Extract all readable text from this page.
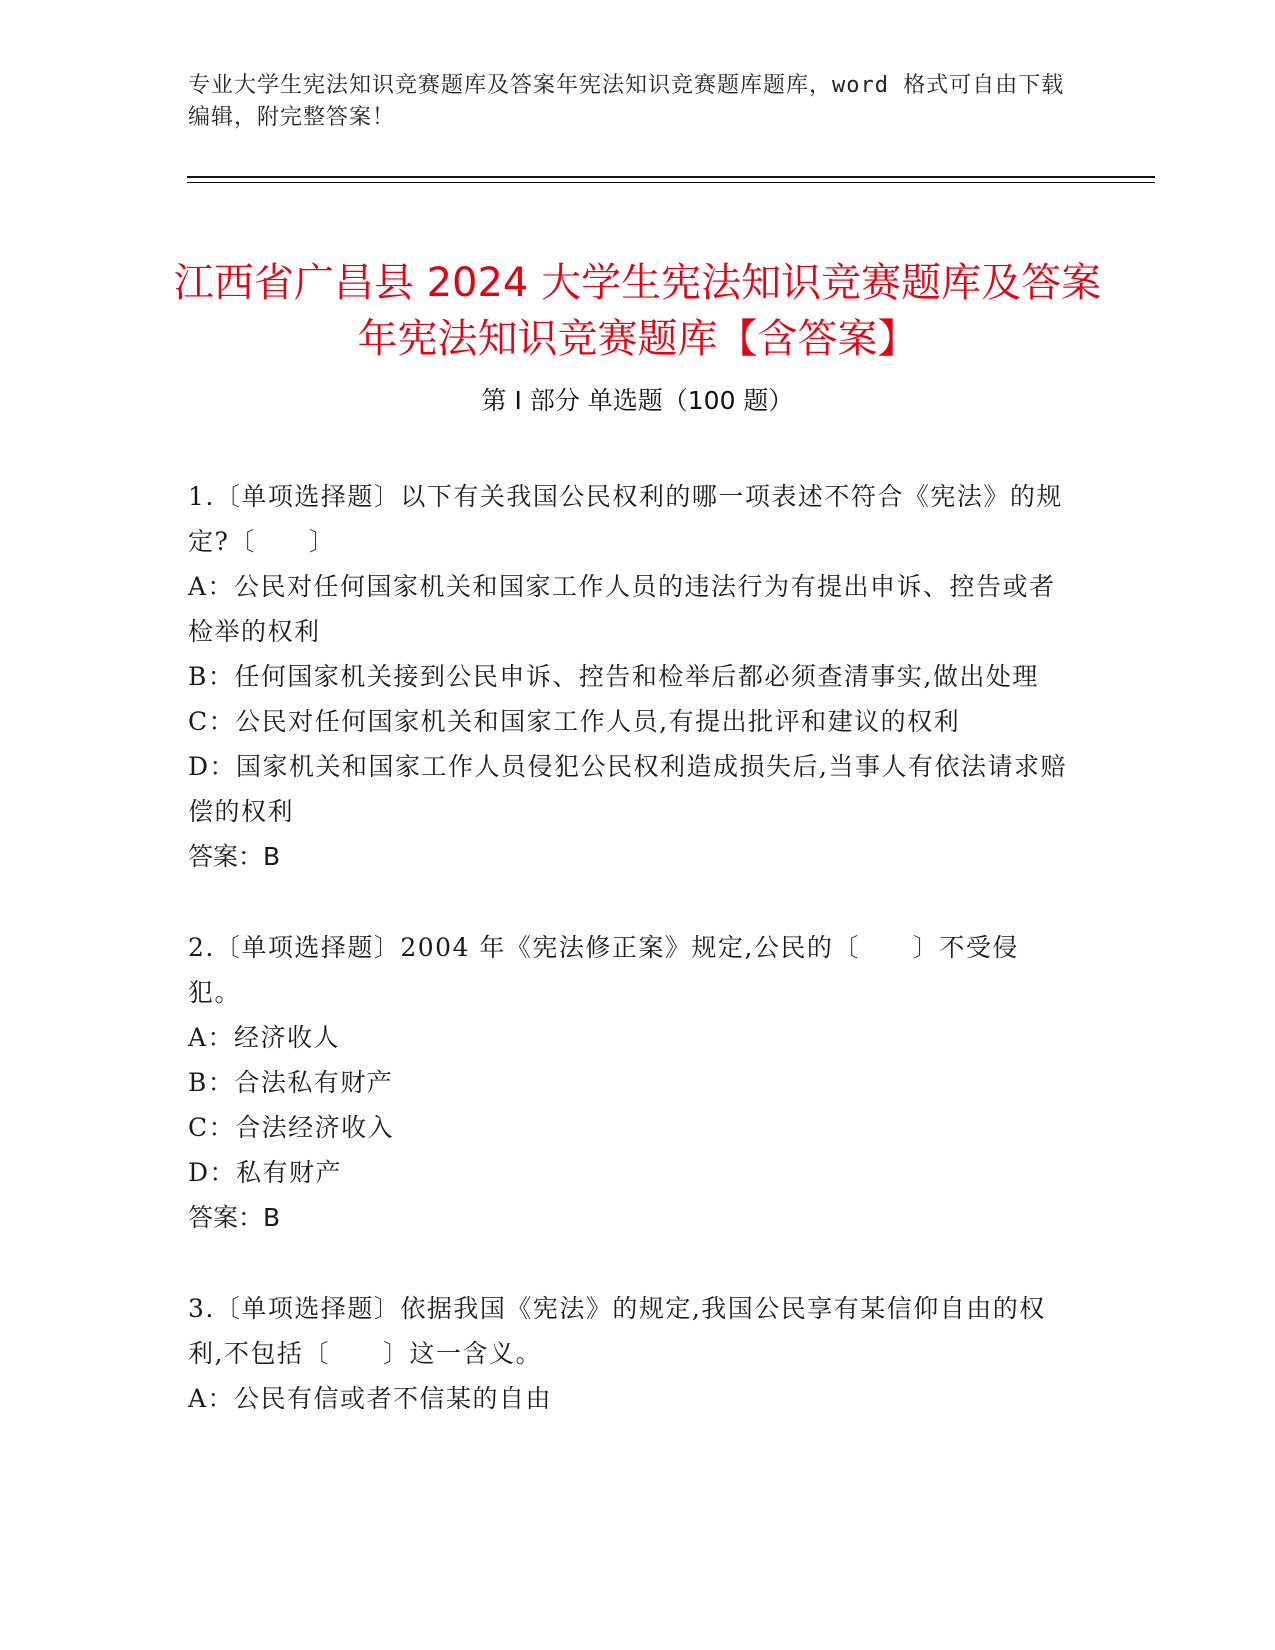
专业大学生宪法知识竞赛题库及答案年宪法知识竞赛题库题库，word 格式可自由下载编辑，附完整答案！
江西省广昌县 2024 大学生宪法知识竞赛题库及答案年宪法知识竞赛题库【含答案】
第 I 部分 单选题（100 题）

1.〔单项选择题〕以下有关我国公民权利的哪一项表述不符合《宪法》的规定?〔　　〕

A：公民对任何国家机关和国家工作人员的违法行为有提出申诉、控告或者检举的权利

B：任何国家机关接到公民申诉、控告和检举后都必须查清事实,做出处理

C：公民对任何国家机关和国家工作人员,有提出批评和建议的权利

D：国家机关和国家工作人员侵犯公民权利造成损失后,当事人有依法请求赔偿的权利

答案：B

2.〔单项选择题〕2004 年《宪法修正案》规定,公民的〔　　〕不受侵犯。

A：经济收人

B：合法私有财产

C：合法经济收入

D：私有财产

答案：B

3.〔单项选择题〕依据我国《宪法》的规定,我国公民享有某信仰自由的权利,不包括〔　　〕这一含义。

A：公民有信或者不信某的自由
